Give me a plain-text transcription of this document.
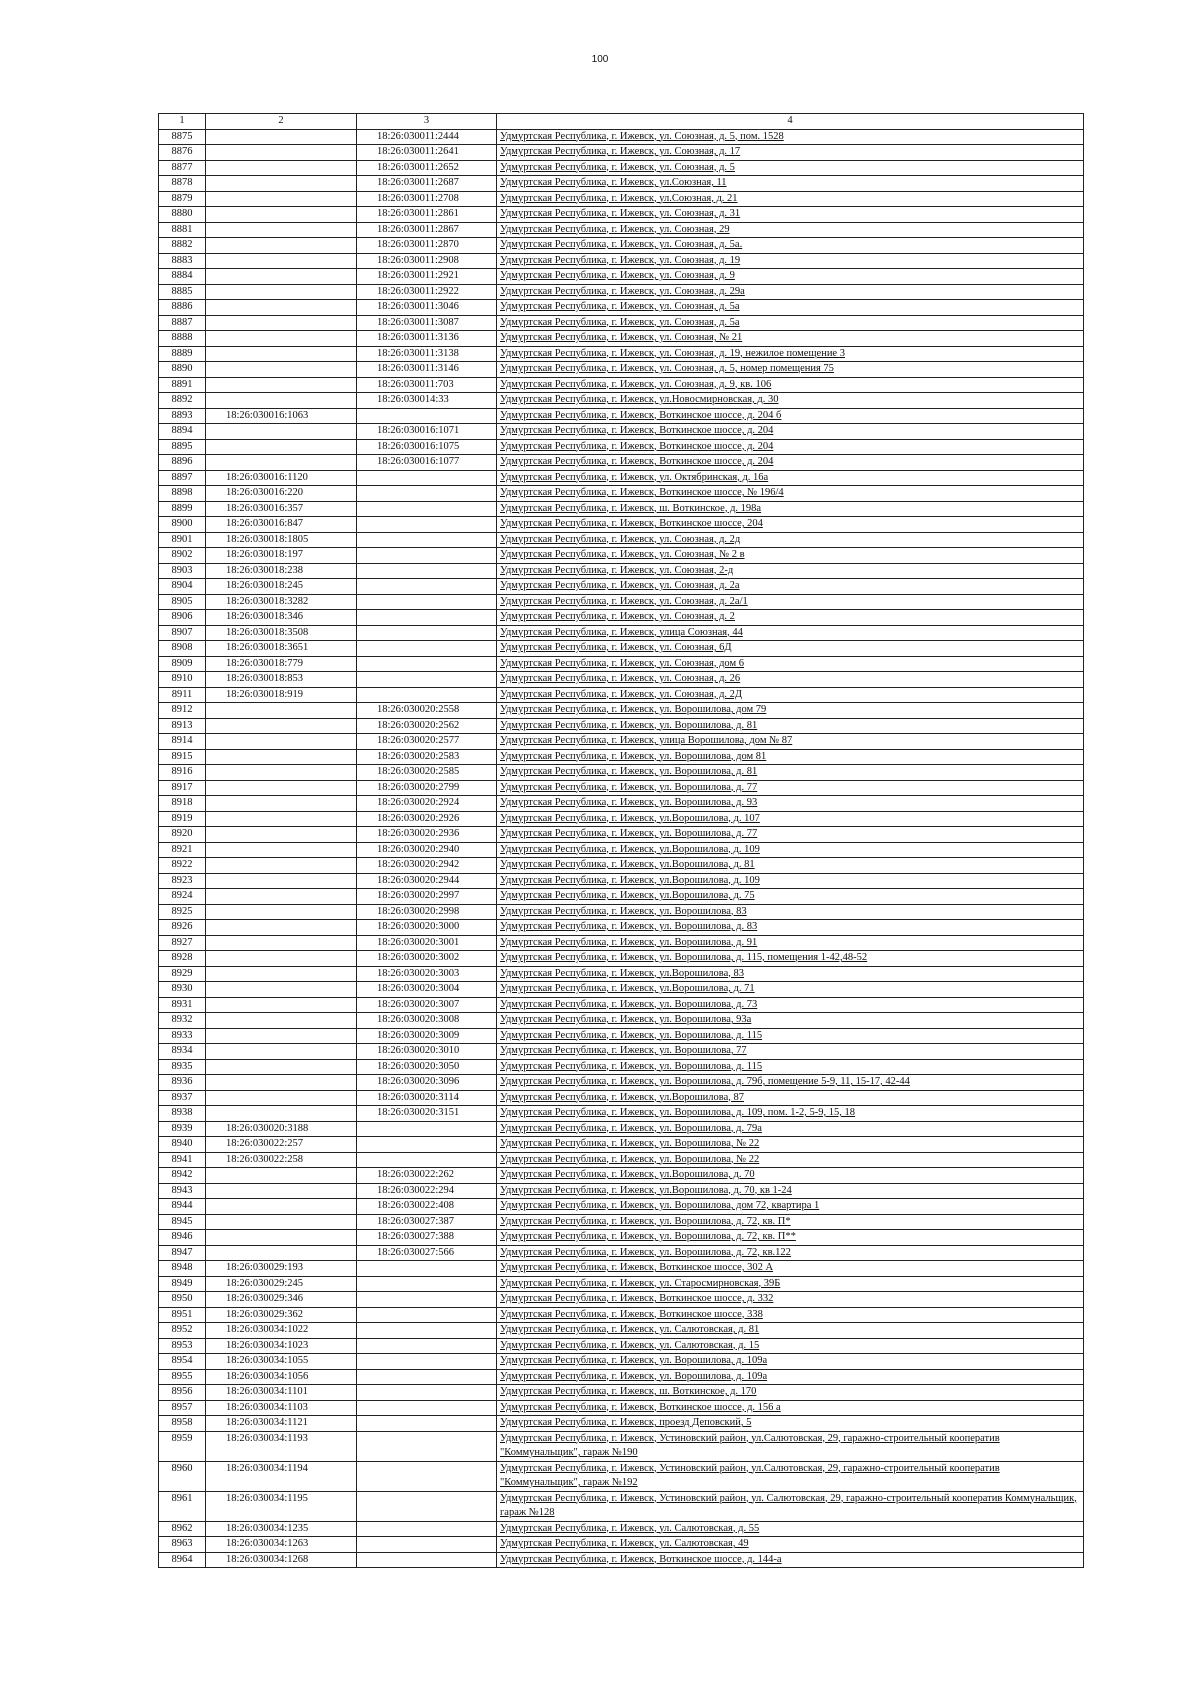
100
1	2	3	4
8875		18:26:030011:2444	Удмуртская Республика, г. Ижевск, ул. Союзная, д. 5, пом. 1528
8876		18:26:030011:2641	Удмуртская Республика, г. Ижевск, ул. Союзная, д. 17
8877		18:26:030011:2652	Удмуртская Республика, г. Ижевск, ул. Союзная, д. 5
8878		18:26:030011:2687	Удмуртская Республика, г. Ижевск, ул.Союзная, 11
8879		18:26:030011:2708	Удмуртская Республика, г. Ижевск, ул.Союзная, д. 21
8880		18:26:030011:2861	Удмуртская Республика, г. Ижевск, ул. Союзная, д. 31
8881		18:26:030011:2867	Удмуртская Республика, г. Ижевск, ул. Союзная, 29
8882		18:26:030011:2870	Удмуртская Республика, г. Ижевск, ул. Союзная, д. 5а.
8883		18:26:030011:2908	Удмуртская Республика, г. Ижевск, ул. Союзная, д. 19
8884		18:26:030011:2921	Удмуртская Республика, г. Ижевск, ул. Союзная, д. 9
8885		18:26:030011:2922	Удмуртская Республика, г. Ижевск, ул. Союзная, д. 29а
8886		18:26:030011:3046	Удмуртская Республика, г. Ижевск, ул. Союзная, д. 5а
8887		18:26:030011:3087	Удмуртская Республика, г. Ижевск, ул. Союзная, д. 5а
8888		18:26:030011:3136	Удмуртская Республика, г. Ижевск, ул. Союзная, № 21
8889		18:26:030011:3138	Удмуртская Республика, г. Ижевск, ул. Союзная, д. 19, нежилое помещение 3
8890		18:26:030011:3146	Удмуртская Республика, г. Ижевск, ул. Союзная, д. 5, номер помещения 75
8891		18:26:030011:703	Удмуртская Республика, г. Ижевск, ул. Союзная, д. 9, кв. 106
8892		18:26:030014:33	Удмуртская Республика, г. Ижевск, ул.Новосмирновская, д. 30
8893	18:26:030016:1063		Удмуртская Республика, г. Ижевск, Воткинское шоссе, д. 204 б
8894		18:26:030016:1071	Удмуртская Республика, г. Ижевск, Воткинское шоссе, д. 204
8895		18:26:030016:1075	Удмуртская Республика, г. Ижевск, Воткинское шоссе, д. 204
8896		18:26:030016:1077	Удмуртская Республика, г. Ижевск, Воткинское шоссе, д. 204
8897	18:26:030016:1120		Удмуртская Республика, г. Ижевск, ул. Октябринская, д. 16а
8898	18:26:030016:220		Удмуртская Республика, г. Ижевск, Воткинское шоссе, № 196/4
8899	18:26:030016:357		Удмуртская Республика, г. Ижевск, ш. Воткинское, д. 198а
8900	18:26:030016:847		Удмуртская Республика, г. Ижевск, Воткинское шоссе, 204
8901	18:26:030018:1805		Удмуртская Республика, г. Ижевск, ул. Союзная, д. 2д
8902	18:26:030018:197		Удмуртская Республика, г. Ижевск, ул. Союзная, № 2 в
8903	18:26:030018:238		Удмуртская Республика, г. Ижевск, ул. Союзная, 2-д
8904	18:26:030018:245		Удмуртская Республика, г. Ижевск, ул. Союзная, д. 2а
8905	18:26:030018:3282		Удмуртская Республика, г. Ижевск, ул. Союзная, д. 2а/1
8906	18:26:030018:346		Удмуртская Республика, г. Ижевск, ул. Союзная, д. 2
8907	18:26:030018:3508		Удмуртская Республика, г. Ижевск, улица Союзная, 44
8908	18:26:030018:3651		Удмуртская Республика, г. Ижевск, ул. Союзная, 6Д
8909	18:26:030018:779		Удмуртская Республика, г. Ижевск, ул. Союзная, дом 6
8910	18:26:030018:853		Удмуртская Республика, г. Ижевск, ул. Союзная, д. 26
8911	18:26:030018:919		Удмуртская Республика, г. Ижевск, ул. Союзная, д. 2Д
8912		18:26:030020:2558	Удмуртская Республика, г. Ижевск, ул. Ворошилова, дом 79
8913		18:26:030020:2562	Удмуртская Республика, г. Ижевск, ул. Ворошилова, д. 81
8914		18:26:030020:2577	Удмуртская Республика, г. Ижевск, улица Ворошилова, дом № 87
8915		18:26:030020:2583	Удмуртская Республика, г. Ижевск, ул. Ворошилова, дом 81
8916		18:26:030020:2585	Удмуртская Республика, г. Ижевск, ул. Ворошилова, д. 81
8917		18:26:030020:2799	Удмуртская Республика, г. Ижевск, ул. Ворошилова, д. 77
8918		18:26:030020:2924	Удмуртская Республика, г. Ижевск, ул. Ворошилова, д. 93
8919		18:26:030020:2926	Удмуртская Республика, г. Ижевск, ул.Ворошилова, д. 107
8920		18:26:030020:2936	Удмуртская Республика, г. Ижевск, ул. Ворошилова, д. 77
8921		18:26:030020:2940	Удмуртская Республика, г. Ижевск, ул.Ворошилова, д. 109
8922		18:26:030020:2942	Удмуртская Республика, г. Ижевск, ул.Ворошилова, д. 81
8923		18:26:030020:2944	Удмуртская Республика, г. Ижевск, ул.Ворошилова, д. 109
8924		18:26:030020:2997	Удмуртская Республика, г. Ижевск, ул.Ворошилова, д. 75
8925		18:26:030020:2998	Удмуртская Республика, г. Ижевск, ул. Ворошилова, 83
8926		18:26:030020:3000	Удмуртская Республика, г. Ижевск, ул. Ворошилова, д. 83
8927		18:26:030020:3001	Удмуртская Республика, г. Ижевск, ул. Ворошилова, д. 91
8928		18:26:030020:3002	Удмуртская Республика, г. Ижевск, ул. Ворошилова, д. 115, помещения 1-42,48-52
8929		18:26:030020:3003	Удмуртская Республика, г. Ижевск, ул.Ворошилова, 83
8930		18:26:030020:3004	Удмуртская Республика, г. Ижевск, ул.Ворошилова, д. 71
8931		18:26:030020:3007	Удмуртская Республика, г. Ижевск, ул. Ворошилова, д. 73
8932		18:26:030020:3008	Удмуртская Республика, г. Ижевск, ул. Ворошилова, 93а
8933		18:26:030020:3009	Удмуртская Республика, г. Ижевск, ул. Ворошилова, д. 115
8934		18:26:030020:3010	Удмуртская Республика, г. Ижевск, ул. Ворошилова, 77
8935		18:26:030020:3050	Удмуртская Республика, г. Ижевск, ул. Ворошилова, д. 115
8936		18:26:030020:3096	Удмуртская Республика, г. Ижевск, ул. Ворошилова, д. 79б, помещение 5-9, 11, 15-17, 42-44
8937		18:26:030020:3114	Удмуртская Республика, г. Ижевск, ул.Ворошилова, 87
8938		18:26:030020:3151	Удмуртская Республика, г. Ижевск, ул. Ворошилова, д. 109, пом. 1-2, 5-9, 15, 18
8939	18:26:030020:3188		Удмуртская Республика, г. Ижевск, ул. Ворошилова, д. 79а
8940	18:26:030022:257		Удмуртская Республика, г. Ижевск, ул. Ворошилова, № 22
8941	18:26:030022:258		Удмуртская Республика, г. Ижевск, ул. Ворошилова, № 22
8942		18:26:030022:262	Удмуртская Республика, г. Ижевск, ул.Ворошилова, д. 70
8943		18:26:030022:294	Удмуртская Республика, г. Ижевск, ул.Ворошилова, д. 70, кв 1-24
8944		18:26:030022:408	Удмуртская Республика, г. Ижевск, ул. Ворошилова, дом 72, квартира 1
8945		18:26:030027:387	Удмуртская Республика, г. Ижевск, ул. Ворошилова, д. 72, кв. П*
8946		18:26:030027:388	Удмуртская Республика, г. Ижевск, ул. Ворошилова, д. 72, кв. П**
8947		18:26:030027:566	Удмуртская Республика, г. Ижевск, ул. Ворошилова, д. 72, кв.122
8948	18:26:030029:193		Удмуртская Республика, г. Ижевск, Воткинское шоссе, 302 А
8949	18:26:030029:245		Удмуртская Республика, г. Ижевск, ул. Старосмирновская, 39Б
8950	18:26:030029:346		Удмуртская Республика, г. Ижевск, Воткинское шоссе, д. 332
8951	18:26:030029:362		Удмуртская Республика, г. Ижевск, Воткинское шоссе, 338
8952	18:26:030034:1022		Удмуртская Республика, г. Ижевск, ул. Салютовская, д. 81
8953	18:26:030034:1023		Удмуртская Республика, г. Ижевск, ул. Салютовская, д. 15
8954	18:26:030034:1055		Удмуртская Республика, г. Ижевск, ул. Ворошилова, д. 109а
8955	18:26:030034:1056		Удмуртская Республика, г. Ижевск, ул. Ворошилова, д. 109а
8956	18:26:030034:1101		Удмуртская Республика, г. Ижевск, ш. Воткинское, д. 170
8957	18:26:030034:1103		Удмуртская Республика, г. Ижевск, Воткинское шоссе, д. 156 а
8958	18:26:030034:1121		Удмуртская Республика, г. Ижевск, проезд Деповский, 5
8959	18:26:030034:1193		Удмуртская Республика, г. Ижевск, Устиновский район, ул.Салютовская, 29, гаражно-строительный кооператив "Коммунальщик", гараж №190
8960	18:26:030034:1194		Удмуртская Республика, г. Ижевск, Устиновский район, ул.Салютовская, 29, гаражно-строительный кооператив "Коммунальщик", гараж №192
8961	18:26:030034:1195		Удмуртская Республика, г. Ижевск, Устиновский район, ул. Салютовская, 29, гаражно-строительный кооператив Коммунальщик, гараж №128
8962	18:26:030034:1235		Удмуртская Республика, г. Ижевск, ул. Салютовская, д. 55
8963	18:26:030034:1263		Удмуртская Республика, г. Ижевск, ул. Салютовская, 49
8964	18:26:030034:1268		Удмуртская Республика, г. Ижевск, Воткинское шоссе, д. 144-а
